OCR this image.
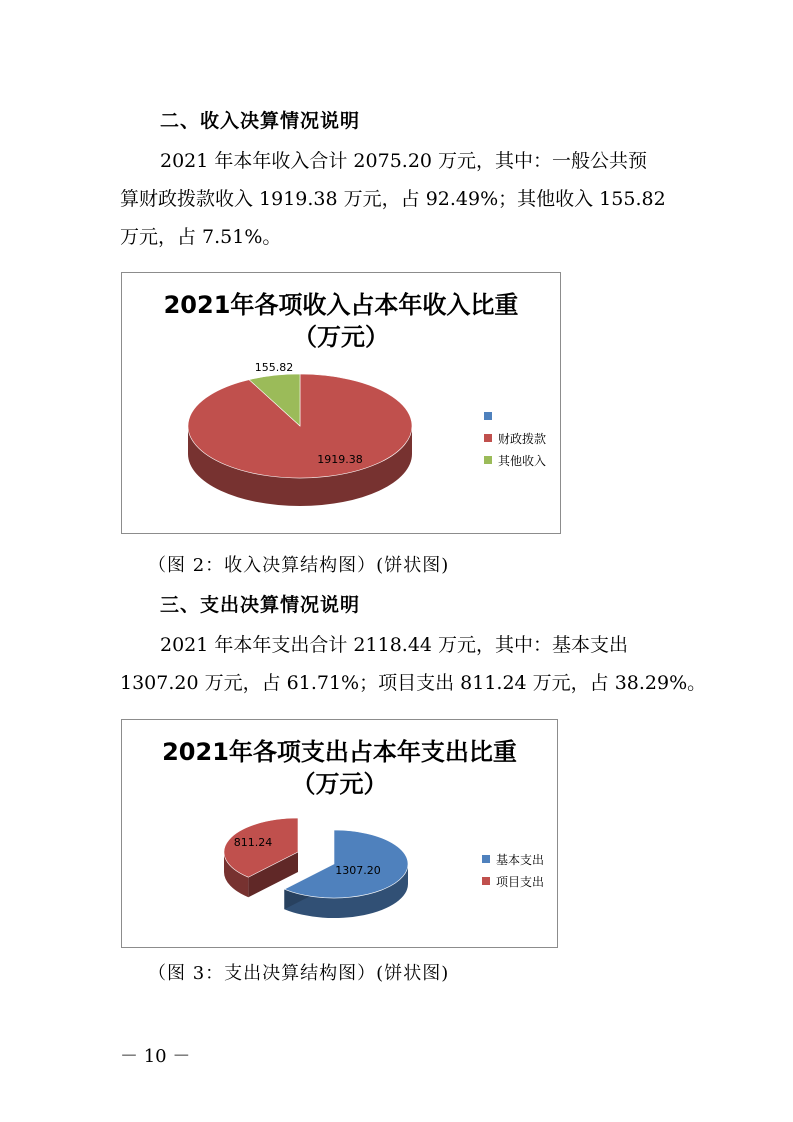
二、收入决算情况说明
2021 年本年收入合计 2075.20 万元，其中：一般公共预
算财政拨款收入 1919.38 万元，占 92.49%；其他收入 155.82
万元，占 7.51%。
2021年各项收入占本年收入比重
（万元）
1919.38
155.82
财政拨款
其他收入
（图 2：收入决算结构图）(饼状图)
三、支出决算情况说明
2021 年本年支出合计 2118.44 万元，其中：基本支出
1307.20 万元，占 61.71%；项目支出 811.24 万元，占 38.29%。
2021年各项支出占本年支出比重
（万元）
1307.20
811.24
基本支出
项目支出
（图 3：支出决算结构图）(饼状图)
－ 10 －
